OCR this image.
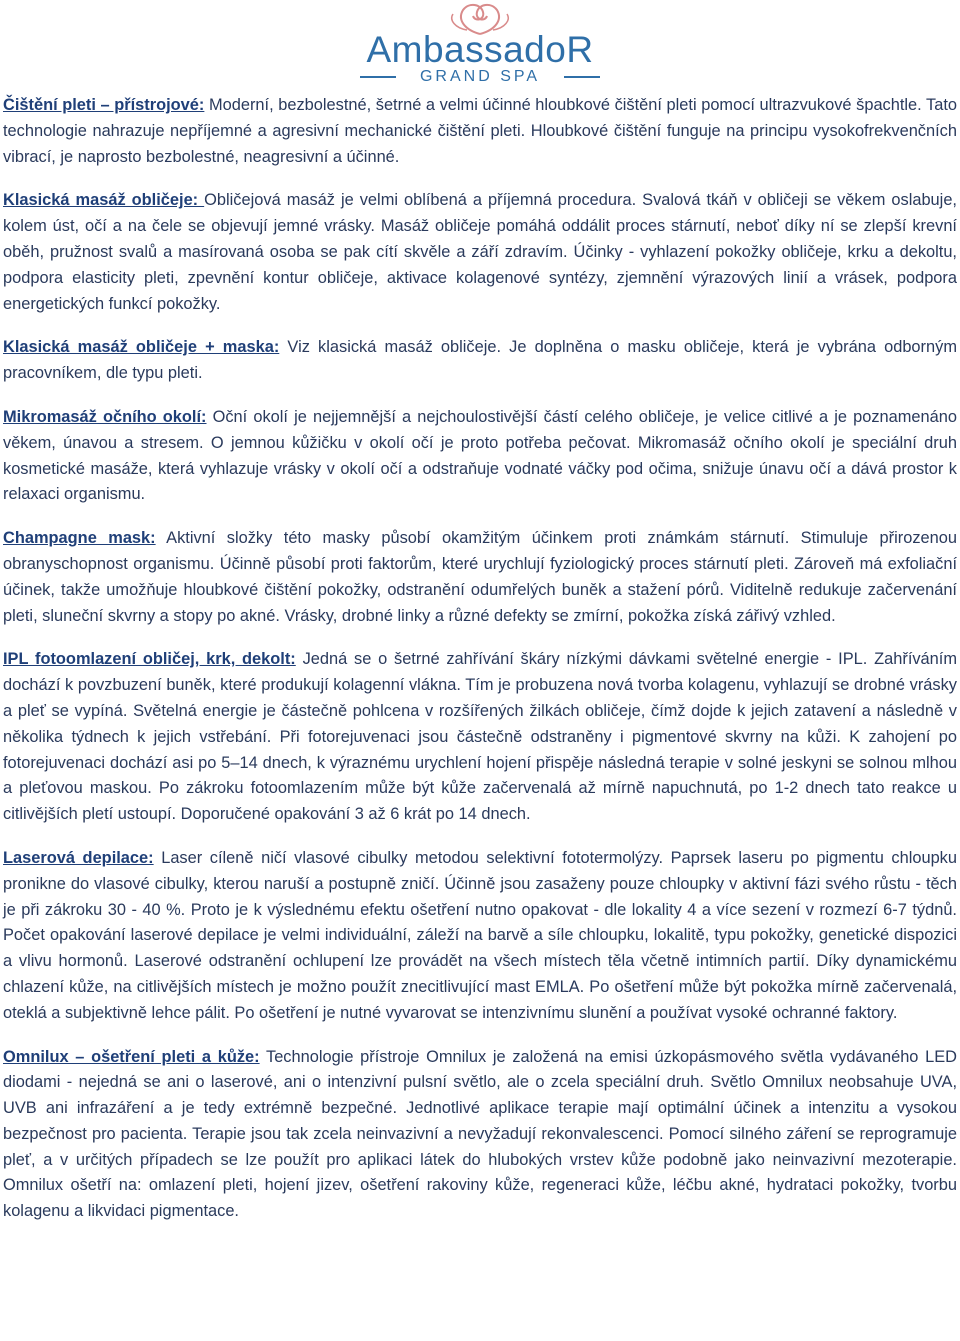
AmbassadoR
GRAND SPA

Čištění pleti – přístrojové: Moderní, bezbolestné, šetrné a velmi účinné hloubkové čištění pleti pomocí ultrazvukové špachtle. Tato technologie nahrazuje nepříjemné a agresivní mechanické čištění pleti. Hloubkové čištění funguje na principu vysokofrekvenčních vibrací, je naprosto bezbolestné, neagresivní a účinné.

Klasická masáž obličeje: Obličejová masáž je velmi oblíbená a příjemná procedura. Svalová tkáň v obličeji se věkem oslabuje, kolem úst, očí a na čele se objevují jemné vrásky. Masáž obličeje pomáhá oddálit proces stárnutí, neboť díky ní se zlepší krevní oběh, pružnost svalů a masírovaná osoba se pak cítí skvěle a září zdravím. Účinky - vyhlazení pokožky obličeje, krku a dekoltu, podpora elasticity pleti, zpevnění kontur obličeje, aktivace kolagenové syntézy, zjemnění výrazových linií a vrásek, podpora energetických funkcí pokožky.

Klasická masáž obličeje + maska: Viz klasická masáž obličeje. Je doplněna o masku obličeje, která je vybrána odborným pracovníkem, dle typu pleti.

Mikromasáž očního okolí: Oční okolí je nejjemnější a nejchoulostivější částí celého obličeje, je velice citlivé a je poznamenáno věkem, únavou a stresem. O jemnou kůžičku v okolí očí je proto potřeba pečovat. Mikromasáž očního okolí je speciální druh kosmetické masáže, která vyhlazuje vrásky v okolí očí a odstraňuje vodnaté váčky pod očima, snižuje únavu očí a dává prostor k relaxaci organismu.

Champagne mask: Aktivní složky této masky působí okamžitým účinkem proti známkám stárnutí. Stimuluje přirozenou obranyschopnost organismu. Účinně působí proti faktorům, které urychlují fyziologický proces stárnutí pleti. Zároveň má exfoliační účinek, takže umožňuje hloubkové čištění pokožky, odstranění odumřelých buněk a stažení pórů. Viditelně redukuje začervenání pleti, sluneční skvrny a stopy po akné. Vrásky, drobné linky a různé defekty se zmírní, pokožka získá zářivý vzhled.

IPL fotoomlazení obličej, krk, dekolt: Jedná se o šetrné zahřívání škáry nízkými dávkami světelné energie - IPL. Zahříváním dochází k povzbuzení buněk, které produkují kolagenní vlákna. Tím je probuzena nová tvorba kolagenu, vyhlazují se drobné vrásky a pleť se vypíná. Světelná energie je částečně pohlcena v rozšířených žilkách obličeje, čímž dojde k jejich zatavení a následně v několika týdnech k jejich vstřebání. Při fotorejuvenaci jsou částečně odstraněny i pigmentové skvrny na kůži. K zahojení po fotorejuvenaci dochází asi po 5–14 dnech, k výraznému urychlení hojení přispěje následná terapie v solné jeskyni se solnou mlhou a pleťovou maskou. Po zákroku fotoomlazením může být kůže začervenalá až mírně napuchnutá, po 1-2 dnech tato reakce u citlivějších pletí ustoupí. Doporučené opakování 3 až 6 krát po 14 dnech.

Laserová depilace: Laser cíleně ničí vlasové cibulky metodou selektivní fototermolýzy. Paprsek laseru po pigmentu chloupku pronikne do vlasové cibulky, kterou naruší a postupně zničí. Účinně jsou zasaženy pouze chloupky v aktivní fázi svého růstu - těch je při zákroku 30 - 40 %. Proto je k výslednému efektu ošetření nutno opakovat - dle lokality 4 a více sezení v rozmezí 6-7 týdnů. Počet opakování laserové depilace je velmi individuální, záleží na barvě a síle chloupku, lokalitě, typu pokožky, genetické dispozici a vlivu hormonů. Laserové odstranění ochlupení lze provádět na všech místech těla včetně intimních partií. Díky dynamickému chlazení kůže, na citlivějších místech je možno použít znecitlivující mast EMLA. Po ošetření může být pokožka mírně začervenalá, oteklá a subjektivně lehce pálit. Po ošetření je nutné vyvarovat se intenzivnímu slunění a používat vysoké ochranné faktory.

Omnilux – ošetření pleti a kůže: Technologie přístroje Omnilux je založená na emisi úzkopásmového světla vydávaného LED diodami - nejedná se ani o laserové, ani o intenzivní pulsní světlo, ale o zcela speciální druh. Světlo Omnilux neobsahuje UVA, UVB ani infrazáření a je tedy extrémně bezpečné. Jednotlivé aplikace terapie mají optimální účinek a intenzitu a vysokou bezpečnost pro pacienta. Terapie jsou tak zcela neinvazivní a nevyžadují rekonvalescenci. Pomocí silného záření se reprogramuje pleť, a v určitých případech se lze použít pro aplikaci látek do hlubokých vrstev kůže podobně jako neinvazivní mezoterapie. Omnilux ošetří na: omlazení pleti, hojení jizev, ošetření rakoviny kůže, regeneraci kůže, léčbu akné, hydrataci pokožky, tvorbu kolagenu a likvidaci pigmentace.
